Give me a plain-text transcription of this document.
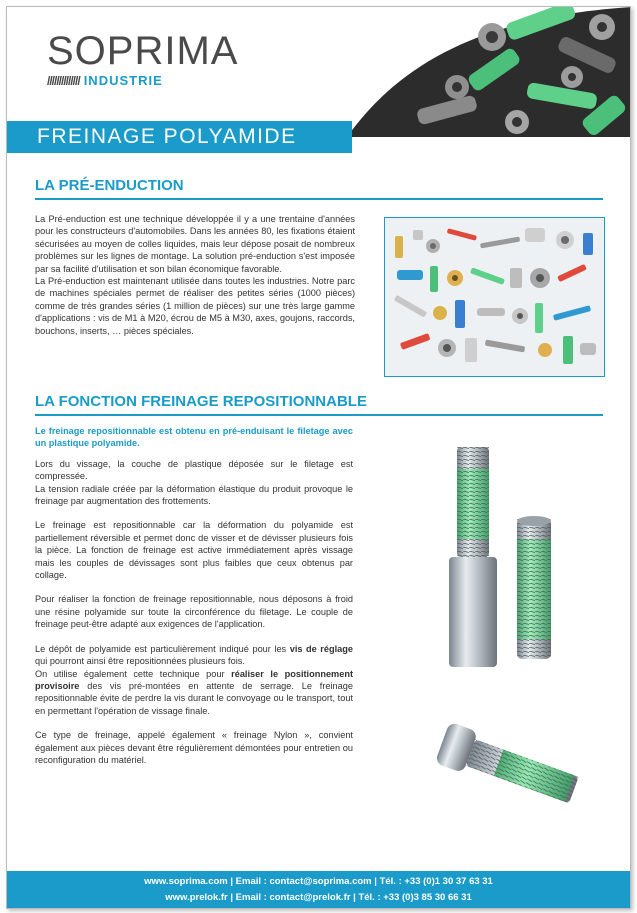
SOPRIMA
////////////// INDUSTRIE
FREINAGE POLYAMIDE
LA PRÉ-ENDUCTION

La Pré-enduction est une technique développée il y a une trentaine d'années pour les constructeurs d'automobiles. Dans les années 80, les fixations étaient sécurisées au moyen de colles liquides, mais leur dépose posait de nombreux problèmes sur les lignes de montage. La solution pré-enduction s'est imposée par sa facilité d'utilisation et son bilan économique favorable.

La Pré-enduction est maintenant utilisée dans toutes les industries. Notre parc de machines spéciales permet de réaliser des petites séries (1000 pièces) comme de très grandes séries (1 million de pièces) sur une très large gamme d'applications : vis de M1 à M20, écrou de M5 à M30, axes, goujons, raccords, bouchons, inserts, … pièces spéciales.

LA FONCTION FREINAGE REPOSITIONNABLE

Le freinage repositionnable est obtenu en pré-enduisant le filetage avec un plastique polyamide.

Lors du vissage, la couche de plastique déposée sur le filetage est compressée.

La tension radiale créée par la déformation élastique du produit provoque le freinage par augmentation des frottements.

Le freinage est repositionnable car la déformation du polyamide est partiellement réversible et permet donc de visser et de dévisser plusieurs fois la pièce. La fonction de freinage est active immédiatement après vissage mais les couples de dévissages sont plus faibles que ceux obtenus par collage.

Pour réaliser la fonction de freinage repositionnable, nous déposons à froid une résine polyamide sur toute la circonférence du filetage. Le couple de freinage peut-être adapté aux exigences de l'application.

Le dépôt de polyamide est particulièrement indiqué pour les vis de réglage qui pourront ainsi être repositionnées plusieurs fois.

On utilise également cette technique pour réaliser le positionnement provisoire des vis pré-montées en attente de serrage. Le freinage repositionnable évite de perdre la vis durant le convoyage ou le transport, tout en permettant l'opération de vissage finale.

Ce type de freinage, appelé également « freinage Nylon », convient également aux pièces devant être régulièrement démontées pour entretien ou reconfiguration du matériel.

www.soprima.com | Email : contact@soprima.com | Tél. : +33 (0)1 30 37 63 31
www.prelok.fr | Email : contact@prelok.fr | Tél. : +33 (0)3 85 30 66 31
